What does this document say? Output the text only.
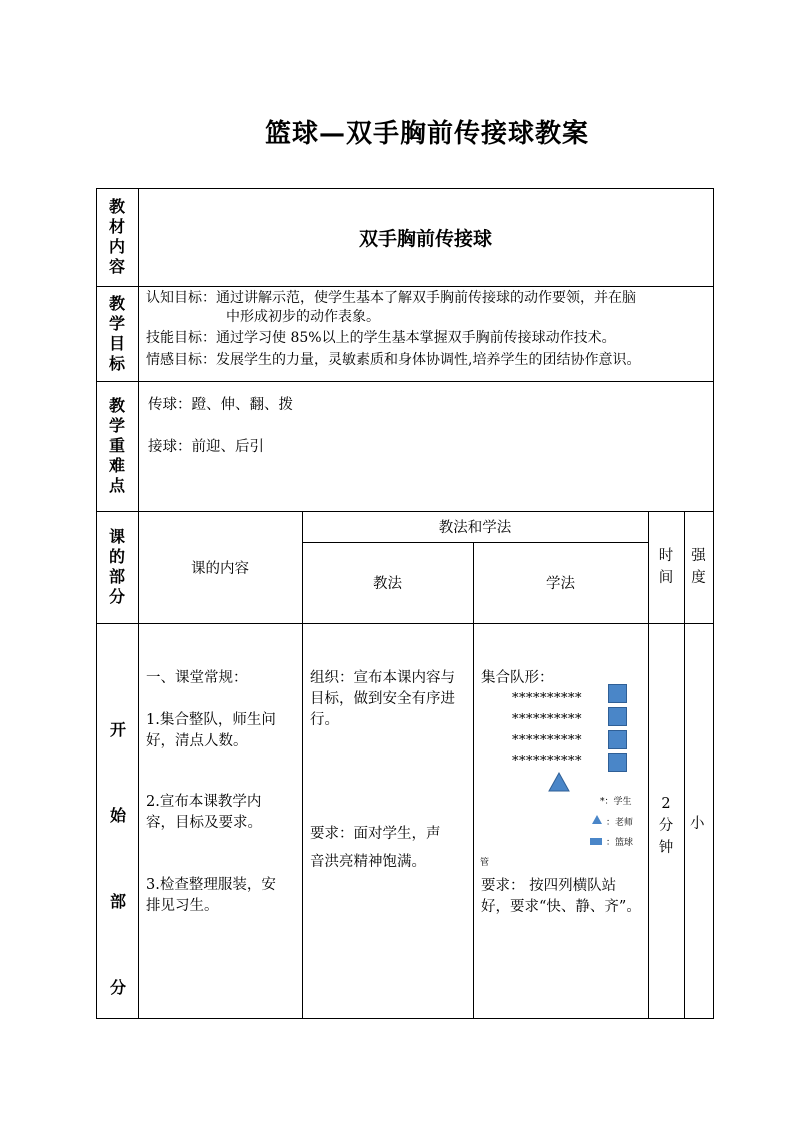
篮球—双手胸前传接球教案
教
材
内
容
双手胸前传接球
教
学
目
标
认知目标：通过讲解示范，使学生基本了解双手胸前传接球的动作要领，并在脑
中形成初步的动作表象。
技能目标：通过学习使 85%以上的学生基本掌握双手胸前传接球动作技术。
情感目标：发展学生的力量，灵敏素质和身体协调性,培养学生的团结协作意识。
教
学
重
难
点
传球：蹬、伸、翻、拨
接球：前迎、后引
课
的
部
分
课的内容
教法和学法
教法	学法
时
间
强
度
开
始
部
分
一、课堂常规：
1.集合整队，师生问
好，清点人数。
2.宣布本课教学内
容，目标及要求。
3.检查整理服装，安
排见习生。
组织：宣布本课内容与
目标，做到安全有序进
行。
要求：面对学生，声
音洪亮精神饱满。
集合队形：
**********
**********
**********
**********
*：学生
：老师
：篮球
管
要求： 按四列横队站
好，要求“快、静、齐”。
2
分
钟
小
